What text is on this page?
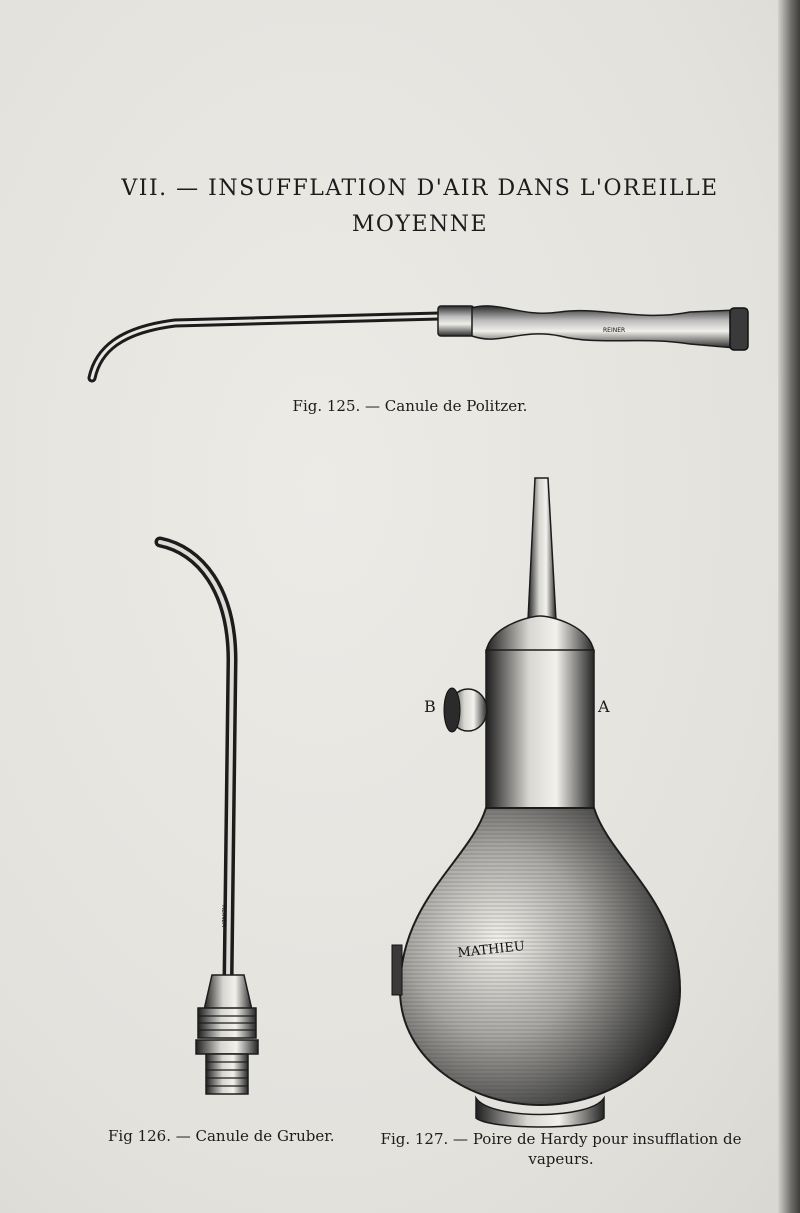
VII. — INSUFFLATION D'AIR DANS L'OREILLE
MOYENNE
REINER
REINER
MATHIEU

B	A

Fig. 125. — Canule de Politzer.

Fig 126. — Canule de Gruber.	Fig. 127. — Poire de Hardy pour insufflation de vapeurs.
